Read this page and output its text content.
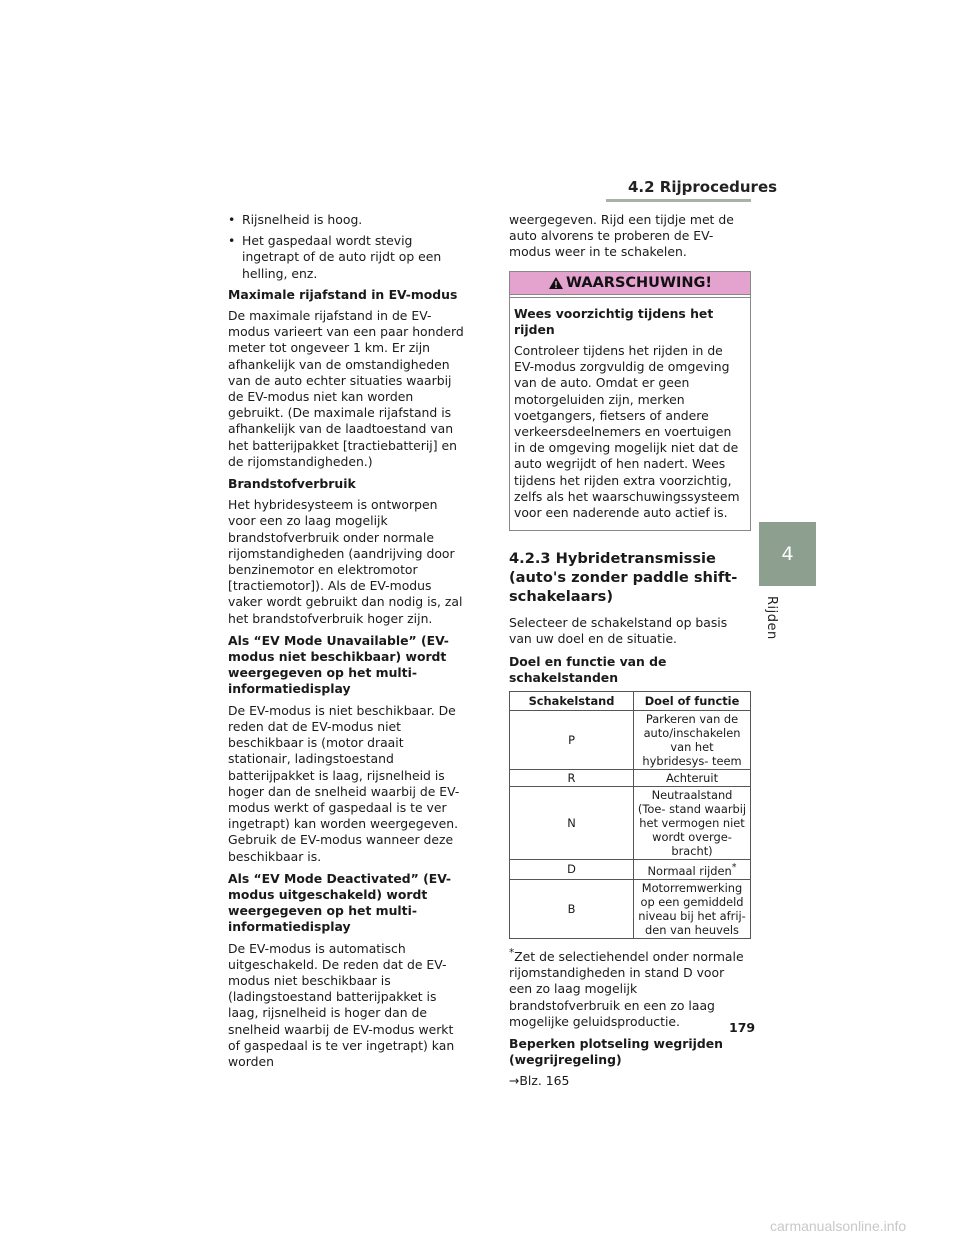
4.2 Rijprocedures
4
Rijden
• Rijsnelheid is hoog.
• Het gaspedaal wordt stevig ingetrapt of de auto rijdt op een helling, enz.

Maximale rijafstand in EV-modus

De maximale rijafstand in de EV-modus varieert van een paar honderd meter tot ongeveer 1 km. Er zijn afhankelijk van de omstandigheden van de auto echter situaties waarbij de EV-modus niet kan worden gebruikt. (De maximale rijafstand is afhankelijk van de laadtoestand van het batterijpakket [tractiebatterij] en de rijomstandigheden.)

Brandstofverbruik

Het hybridesysteem is ontworpen voor een zo laag mogelijk brandstofverbruik onder normale rijomstandigheden (aandrijving door benzinemotor en elektromotor [tractiemotor]). Als de EV-modus vaker wordt gebruikt dan nodig is, zal het brandstofverbruik hoger zijn.

Als “EV Mode Unavailable” (EV-modus niet beschikbaar) wordt weergegeven op het multi-informatiedisplay

De EV-modus is niet beschikbaar. De reden dat de EV-modus niet beschikbaar is (motor draait stationair, ladingstoestand batterijpakket is laag, rijsnelheid is hoger dan de snelheid waarbij de EV-modus werkt of gaspedaal is te ver ingetrapt) kan worden weergegeven. Gebruik de EV-modus wanneer deze beschikbaar is.

Als “EV Mode Deactivated” (EV-modus uitgeschakeld) wordt weergegeven op het multi-informatiedisplay

De EV-modus is automatisch uitgeschakeld. De reden dat de EV-modus niet beschikbaar is (ladingstoestand batterijpakket is laag, rijsnelheid is hoger dan de snelheid waarbij de EV-modus werkt of gaspedaal is te ver ingetrapt) kan worden

weergegeven. Rijd een tijdje met de auto alvorens te proberen de EV-modus weer in te schakelen.

WAARSCHUWING!

Wees voorzichtig tijdens het rijden

Controleer tijdens het rijden in de EV-modus zorgvuldig de omgeving van de auto. Omdat er geen motorgeluiden zijn, merken voetgangers, fietsers of andere verkeersdeelnemers en voertuigen in de omgeving mogelijk niet dat de auto wegrijdt of hen nadert. Wees tijdens het rijden extra voorzichtig, zelfs als het waarschuwingssysteem voor een naderende auto actief is.

4.2.3 Hybridetransmissie (auto's zonder paddle shift-schakelaars)

Selecteer de schakelstand op basis van uw doel en de situatie.

Doel en functie van de schakelstanden

Schakelstand	Doel of functie
P	Parkeren van de auto/inschakelen van het hybridesys- teem
R	Achteruit
N	Neutraalstand (Toe- stand waarbij het vermogen niet wordt overge- bracht)
D	Normaal rijden*
B	Motorremwerking op een gemiddeld niveau bij het afrij- den van heuvels

*Zet de selectiehendel onder normale rijomstandigheden in stand D voor een zo laag mogelijk brandstofverbruik en een zo laag mogelijke geluidsproductie.

Beperken plotseling wegrijden (wegrijregeling)

→Blz. 165

179
carmanualsonline.info
